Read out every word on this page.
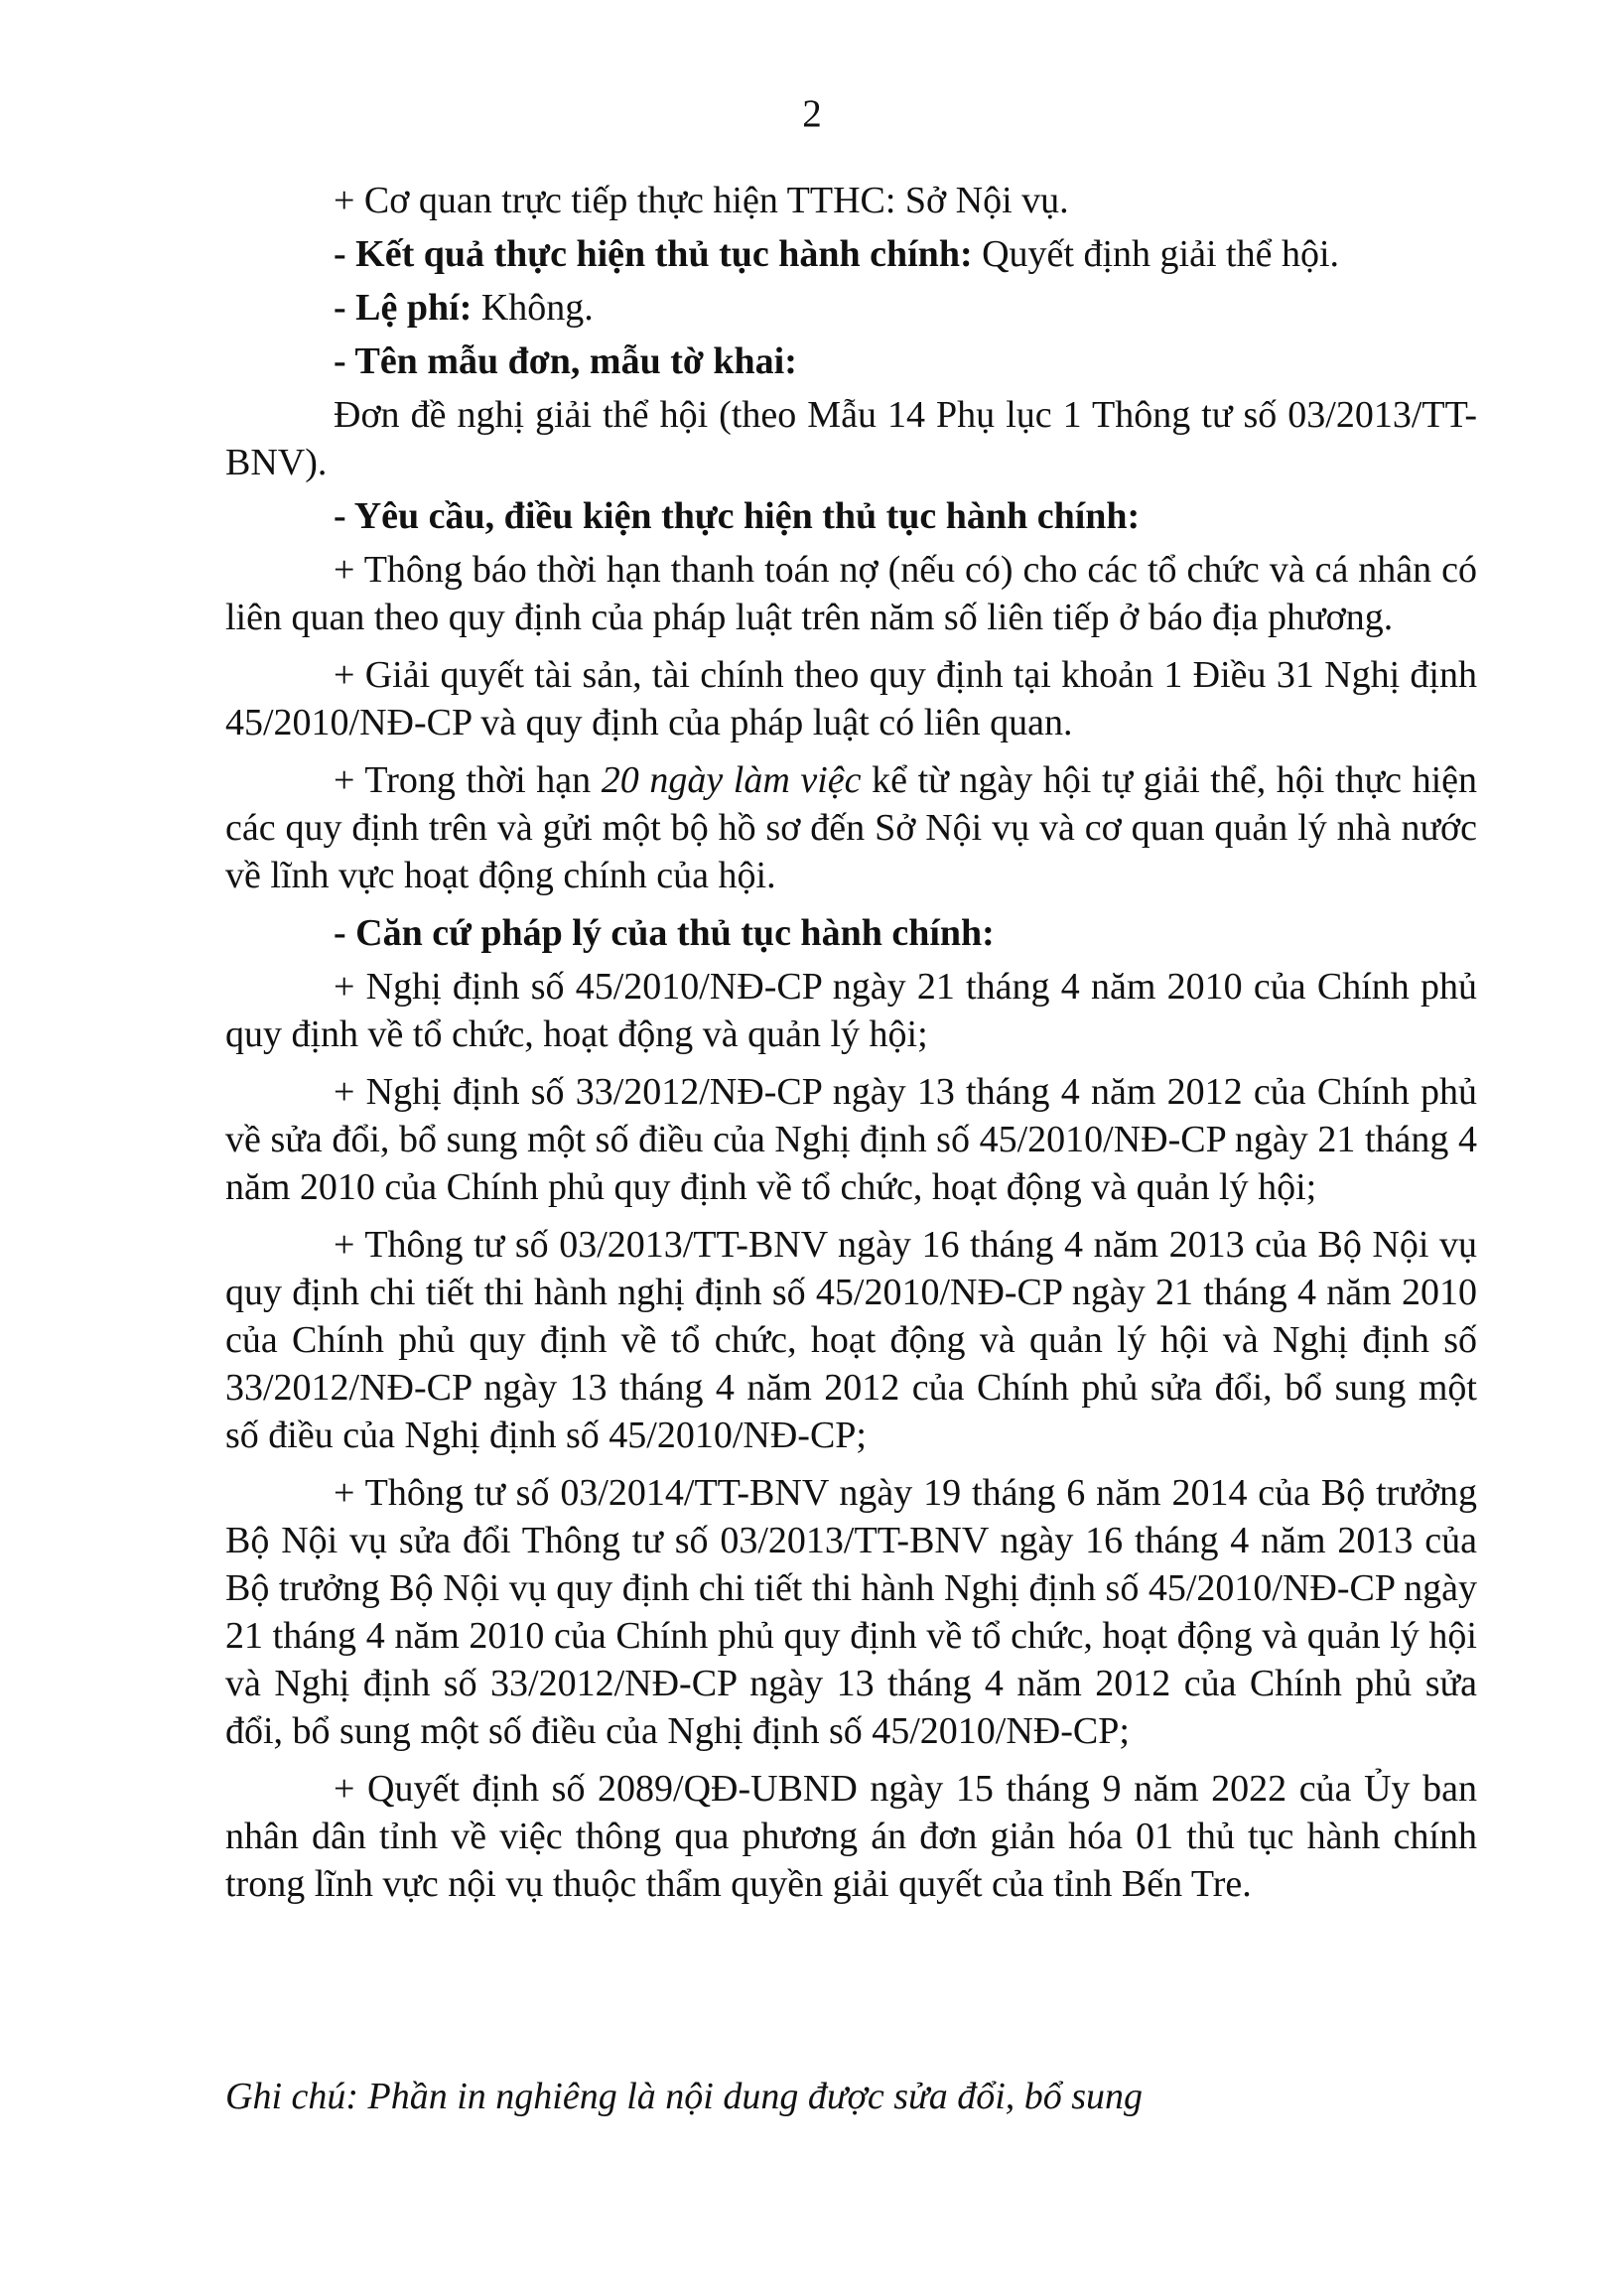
2

+ Cơ quan trực tiếp thực hiện TTHC: Sở Nội vụ.

- Kết quả thực hiện thủ tục hành chính: Quyết định giải thể hội.

- Lệ phí: Không.

- Tên mẫu đơn, mẫu tờ khai:

Đơn đề nghị giải thể hội (theo Mẫu 14 Phụ lục 1 Thông tư số 03/2013/TT-BNV).

- Yêu cầu, điều kiện thực hiện thủ tục hành chính:

+ Thông báo thời hạn thanh toán nợ (nếu có) cho các tổ chức và cá nhân có liên quan theo quy định của pháp luật trên năm số liên tiếp ở báo địa phương.

+ Giải quyết tài sản, tài chính theo quy định tại khoản 1 Điều 31 Nghị định 45/2010/NĐ-CP và quy định của pháp luật có liên quan.

+ Trong thời hạn 20 ngày làm việc kể từ ngày hội tự giải thể, hội thực hiện các quy định trên và gửi một bộ hồ sơ đến Sở Nội vụ và cơ quan quản lý nhà nước về lĩnh vực hoạt động chính của hội.

- Căn cứ pháp lý của thủ tục hành chính:

+ Nghị định số 45/2010/NĐ-CP ngày 21 tháng 4 năm 2010 của Chính phủ quy định về tổ chức, hoạt động và quản lý hội;

+ Nghị định số 33/2012/NĐ-CP ngày 13 tháng 4 năm 2012 của Chính phủ về sửa đổi, bổ sung một số điều của Nghị định số 45/2010/NĐ-CP ngày 21 tháng 4 năm 2010 của Chính phủ quy định về tổ chức, hoạt động và quản lý hội;

+ Thông tư số 03/2013/TT-BNV ngày 16 tháng 4 năm 2013 của Bộ Nội vụ quy định chi tiết thi hành nghị định số 45/2010/NĐ-CP ngày 21 tháng 4 năm 2010 của Chính phủ quy định về tổ chức, hoạt động và quản lý hội và Nghị định số 33/2012/NĐ-CP ngày 13 tháng 4 năm 2012 của Chính phủ sửa đổi, bổ sung một số điều của Nghị định số 45/2010/NĐ-CP;

+ Thông tư số 03/2014/TT-BNV ngày 19 tháng 6 năm 2014 của Bộ trưởng Bộ Nội vụ sửa đổi Thông tư số 03/2013/TT-BNV ngày 16 tháng 4 năm 2013 của Bộ trưởng Bộ Nội vụ quy định chi tiết thi hành Nghị định số 45/2010/NĐ-CP ngày 21 tháng 4 năm 2010 của Chính phủ quy định về tổ chức, hoạt động và quản lý hội và Nghị định số 33/2012/NĐ-CP ngày 13 tháng 4 năm 2012 của Chính phủ sửa đổi, bổ sung một số điều của Nghị định số 45/2010/NĐ-CP;

+ Quyết định số 2089/QĐ-UBND ngày 15 tháng 9 năm 2022 của Ủy ban nhân dân tỉnh về việc thông qua phương án đơn giản hóa 01 thủ tục hành chính trong lĩnh vực nội vụ thuộc thẩm quyền giải quyết của tỉnh Bến Tre.

Ghi chú: Phần in nghiêng là nội dung được sửa đổi, bổ sung
